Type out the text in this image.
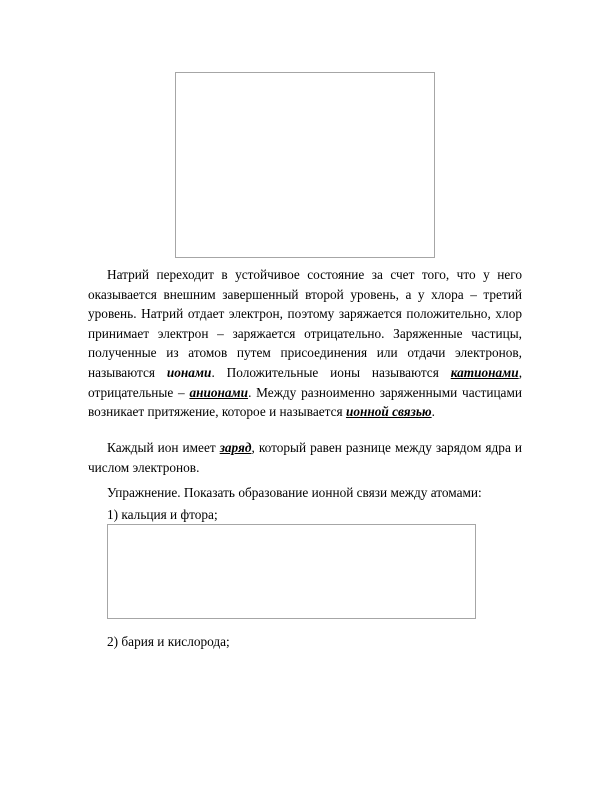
Натрий переходит в устойчивое состояние за счет того, что у него оказывается внешним завершенный второй уровень, а у хлора – третий уровень. Натрий отдает электрон, поэтому заряжается положительно, хлор принимает электрон – заряжается отрицательно. Заряженные частицы, полученные из атомов путем присоединения или отдачи электронов, называются ионами. Положительные ионы называются катионами, отрицательные – анионами. Между разноименно заряженными частицами возникает притяжение, которое и называется ионной связью.

Каждый ион имеет заряд, который равен разнице между зарядом ядра и числом электронов.

Упражнение. Показать образование ионной связи между атомами:

1) кальция и фтора;

2) бария и кислорода;
